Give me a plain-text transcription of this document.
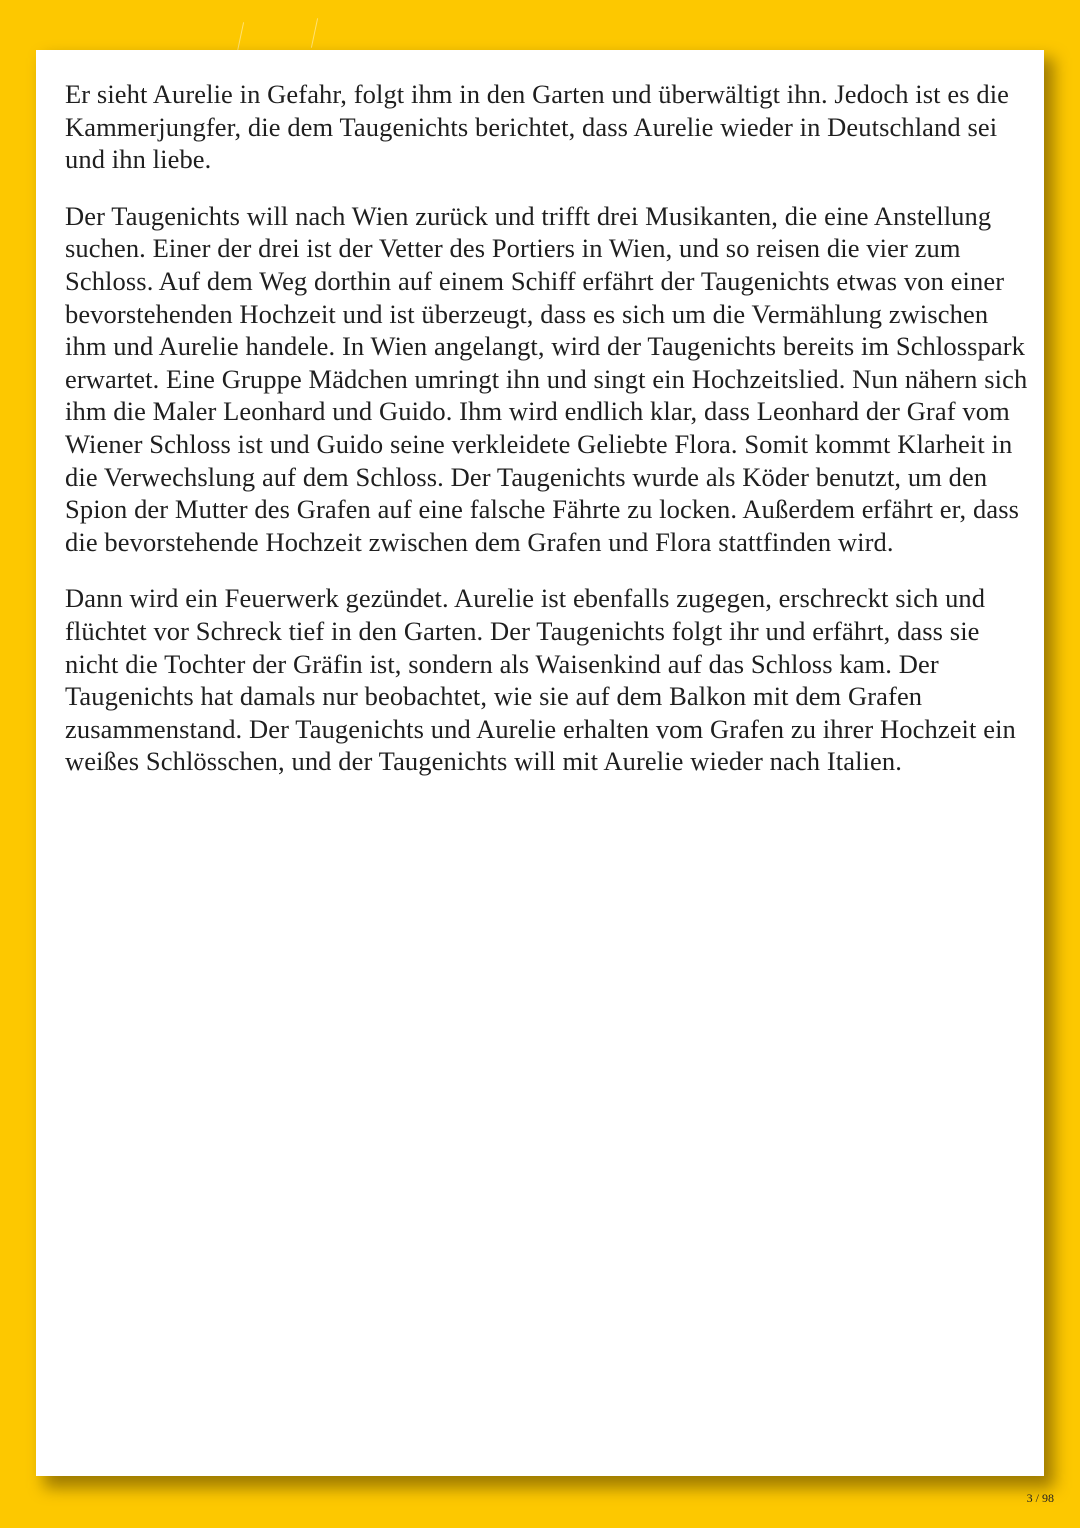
Er sieht Aurelie in Gefahr, folgt ihm in den Garten und überwältigt ihn. Jedoch ist es die Kammerjungfer, die dem Taugenichts berichtet, dass Aurelie wieder in Deutschland sei und ihn liebe.

Der Taugenichts will nach Wien zurück und trifft drei Musikanten, die eine Anstellung suchen. Einer der drei ist der Vetter des Portiers in Wien, und so reisen die vier zum Schloss. Auf dem Weg dorthin auf einem Schiff erfährt der Taugenichts etwas von einer bevorstehenden Hochzeit und ist überzeugt, dass es sich um die Vermählung zwischen ihm und Aurelie handele. In Wien angelangt, wird der Taugenichts bereits im Schlosspark erwartet. Eine Gruppe Mädchen umringt ihn und singt ein Hochzeitslied. Nun nähern sich ihm die Maler Leonhard und Guido. Ihm wird endlich klar, dass Leonhard der Graf vom Wiener Schloss ist und Guido seine verkleidete Geliebte Flora. Somit kommt Klarheit in die Verwechslung auf dem Schloss. Der Taugenichts wurde als Köder benutzt, um den Spion der Mutter des Grafen auf eine falsche Fährte zu locken. Außerdem erfährt er, dass die bevorstehende Hochzeit zwischen dem Grafen und Flora stattfinden wird.

Dann wird ein Feuerwerk gezündet. Aurelie ist ebenfalls zugegen, erschreckt sich und flüchtet vor Schreck tief in den Garten. Der Taugenichts folgt ihr und erfährt, dass sie nicht die Tochter der Gräfin ist, sondern als Waisenkind auf das Schloss kam. Der Taugenichts hat damals nur beobachtet, wie sie auf dem Balkon mit dem Grafen zusammenstand. Der Taugenichts und Aurelie erhalten vom Grafen zu ihrer Hochzeit ein weißes Schlösschen, und der Taugenichts will mit Aurelie wieder nach Italien.

3 / 98
